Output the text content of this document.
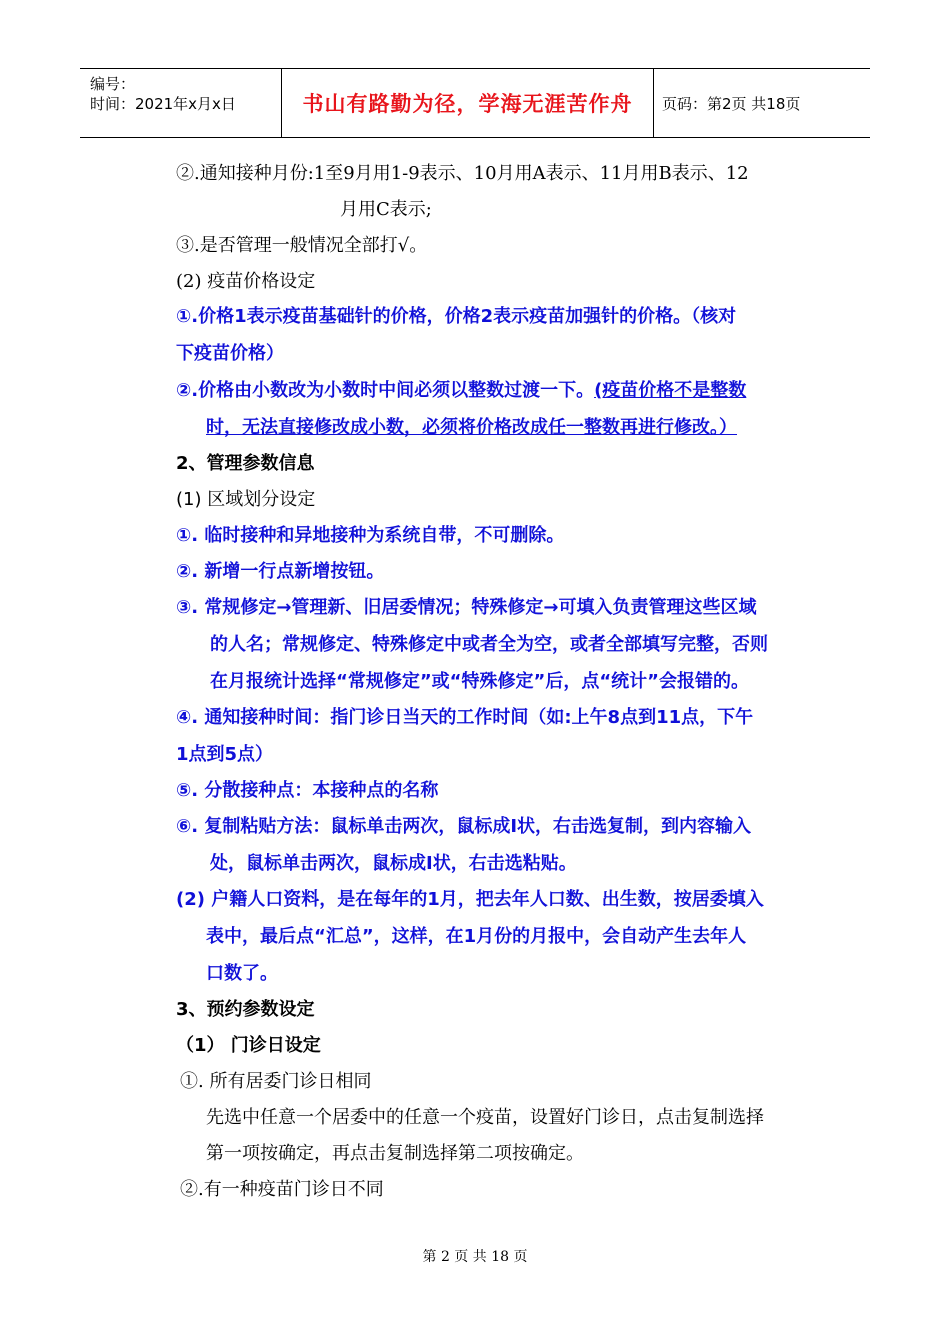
编号：
时间：2021年x月x日	书山有路勤为径，学海无涯苦作舟 页码：第2页 共18页
②.通知接种月份:1至9月用1-9表示、10月用A表示、11月用B表示、12
月用C表示;
③.是否管理一般情况全部打√。
(2) 疫苗价格设定
①.价格1表示疫苗基础针的价格，价格2表示疫苗加强针的价格。（核对
下疫苗价格）
②.价格由小数改为小数时中间必须以整数过渡一下。(疫苗价格不是整数
时，无法直接修改成小数，必须将价格改成任一整数再进行修改。）
2、管理参数信息
(1) 区域划分设定
①. 临时接种和异地接种为系统自带，不可删除。
②. 新增一行点新增按钮。
③. 常规修定→管理新、旧居委情况；特殊修定→可填入负责管理这些区域
的人名；常规修定、特殊修定中或者全为空，或者全部填写完整，否则
在月报统计选择“常规修定”或“特殊修定”后，点“统计”会报错的。
④. 通知接种时间：指门诊日当天的工作时间（如:上午8点到11点，下午
1点到5点）
⑤. 分散接种点：本接种点的名称
⑥. 复制粘贴方法：鼠标单击两次，鼠标成I状，右击选复制，到内容输入
处，鼠标单击两次，鼠标成I状，右击选粘贴。
(2) 户籍人口资料，是在每年的1月，把去年人口数、出生数，按居委填入
表中，最后点“汇总”，这样，在1月份的月报中，会自动产生去年人
口数了。
3、预约参数设定
（1） 门诊日设定
①. 所有居委门诊日相同
先选中任意一个居委中的任意一个疫苗，设置好门诊日，点击复制选择
第一项按确定，再点击复制选择第二项按确定。
②.有一种疫苗门诊日不同
第 2 页 共 18 页
